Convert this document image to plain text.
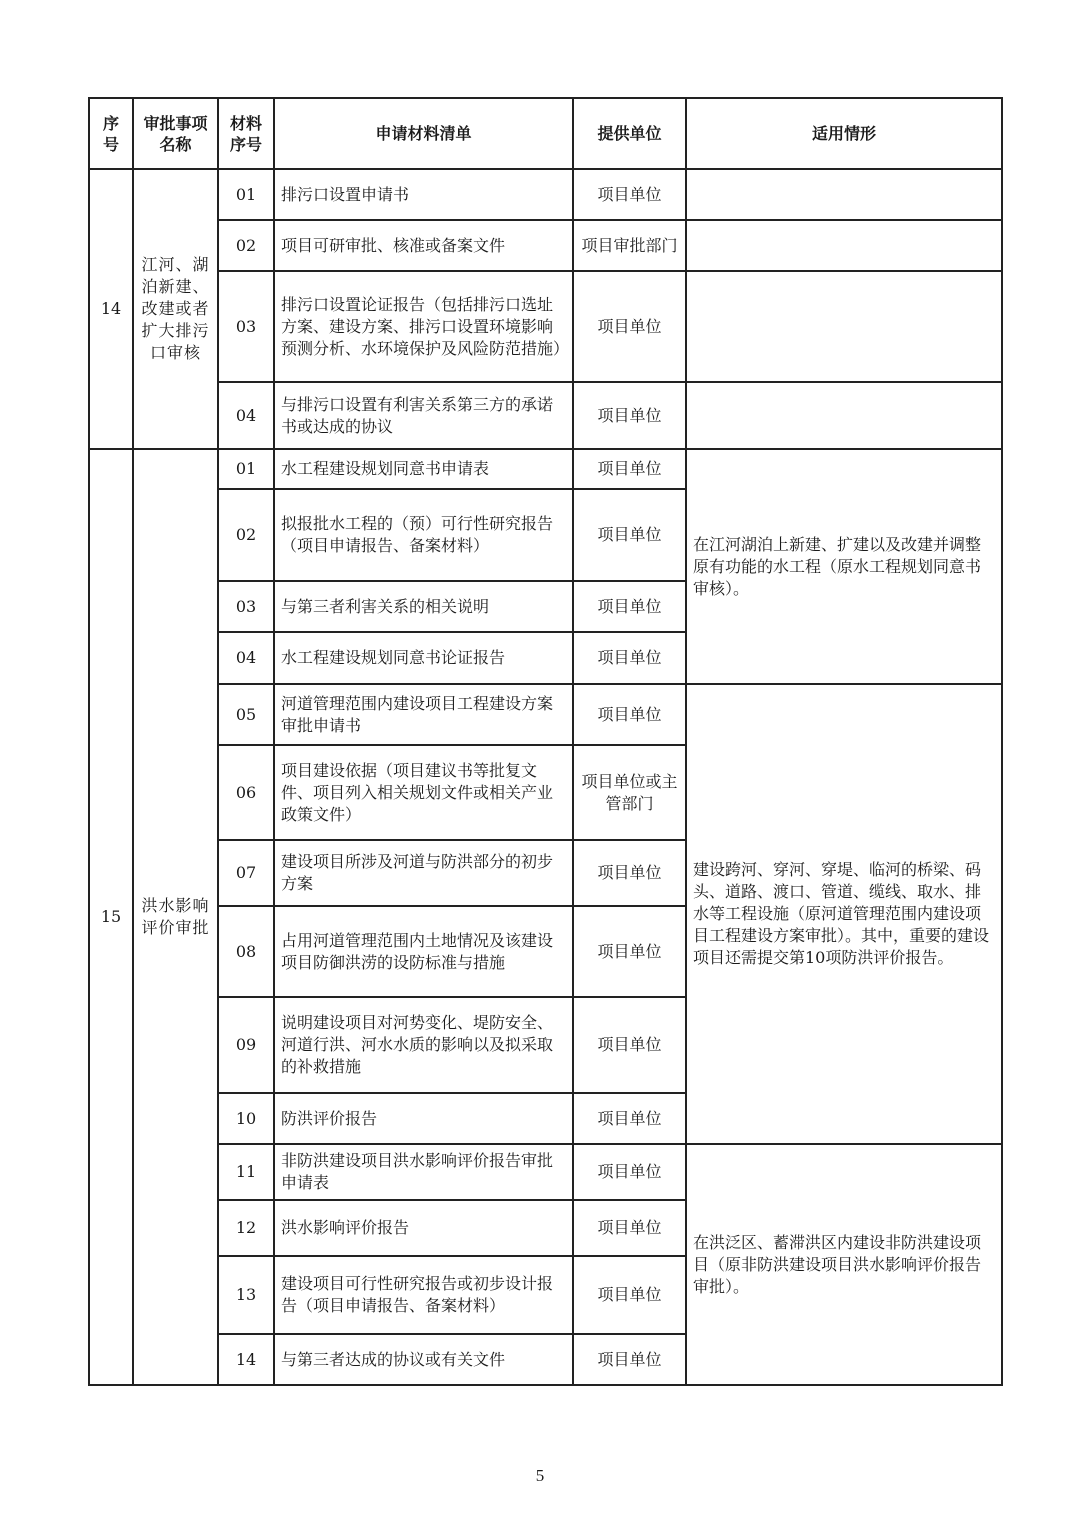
序号	审批事项名称	材料序号	申请材料清单	提供单位	适用情形
14	江河、湖泊新建、改建或者扩大排污口审核	01	排污口设置申请书	项目单位	
		02	项目可研审批、核准或备案文件	项目审批部门	
		03	排污口设置论证报告（包括排污口选址方案、建设方案、排污口设置环境影响预测分析、水环境保护及风险防范措施）	项目单位	
		04	与排污口设置有利害关系第三方的承诺书或达成的协议	项目单位	
15	洪水影响评价审批	01	水工程建设规划同意书申请表	项目单位	在江河湖泊上新建、扩建以及改建并调整原有功能的水工程（原水工程规划同意书审核）。
		02	拟报批水工程的（预）可行性研究报告（项目申请报告、备案材料）	项目单位	
		03	与第三者利害关系的相关说明	项目单位	
		04	水工程建设规划同意书论证报告	项目单位	
		05	河道管理范围内建设项目工程建设方案审批申请书	项目单位	建设跨河、穿河、穿堤、临河的桥梁、码头、道路、渡口、管道、缆线、取水、排水等工程设施（原河道管理范围内建设项目工程建设方案审批）。其中，重要的建设项目还需提交第10项防洪评价报告。
		06	项目建设依据（项目建议书等批复文件、项目列入相关规划文件或相关产业政策文件）	项目单位或主管部门	
		07	建设项目所涉及河道与防洪部分的初步方案	项目单位	
		08	占用河道管理范围内土地情况及该建设项目防御洪涝的设防标准与措施	项目单位	
		09	说明建设项目对河势变化、堤防安全、河道行洪、河水水质的影响以及拟采取的补救措施	项目单位	
		10	防洪评价报告	项目单位	
		11	非防洪建设项目洪水影响评价报告审批申请表	项目单位	在洪泛区、蓄滞洪区内建设非防洪建设项目（原非防洪建设项目洪水影响评价报告审批）。
		12	洪水影响评价报告	项目单位	
		13	建设项目可行性研究报告或初步设计报告（项目申请报告、备案材料）	项目单位	
		14	与第三者达成的协议或有关文件	项目单位	
5
